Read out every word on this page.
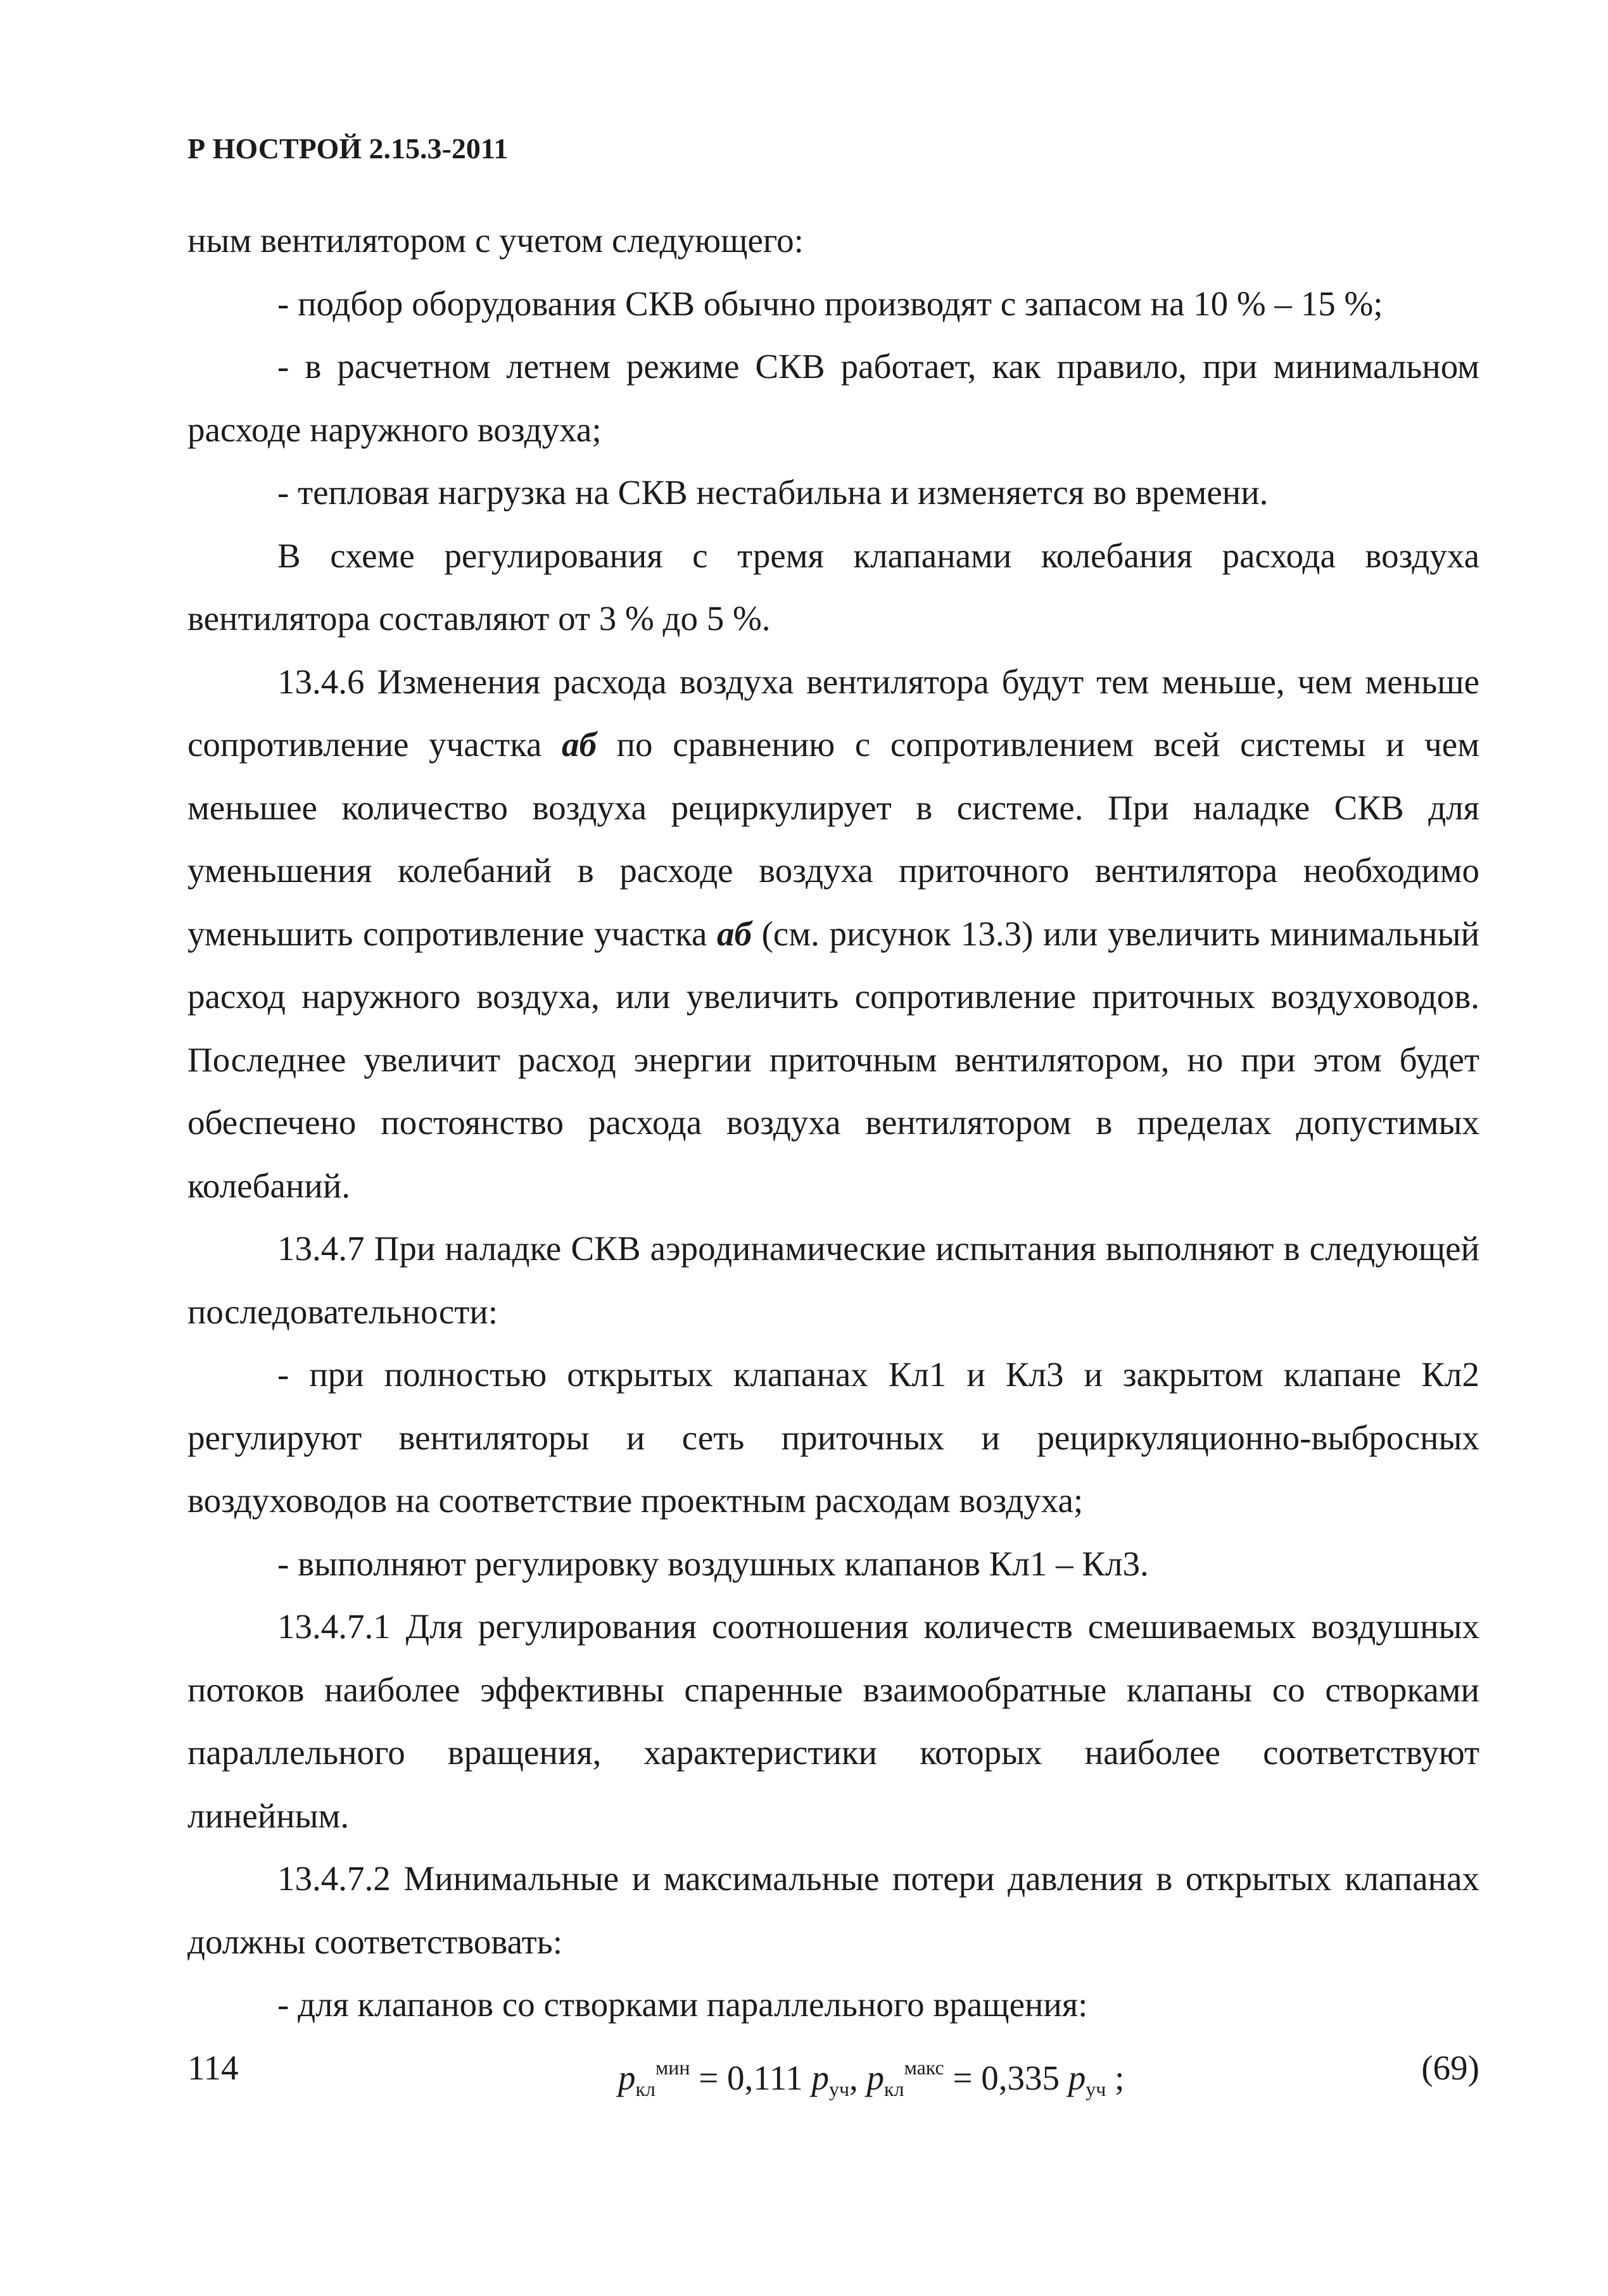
Р НОСТРОЙ 2.15.3-2011

ным вентилятором с учетом следующего:

- подбор оборудования СКВ обычно производят с запасом на 10 % – 15 %;

- в расчетном летнем режиме СКВ работает, как правило, при минимальном расходе наружного воздуха;

- тепловая нагрузка на СКВ нестабильна и изменяется во времени.

В схеме регулирования с тремя клапанами колебания расхода воздуха вентилятора составляют от 3 % до 5 %.

13.4.6 Изменения расхода воздуха вентилятора будут тем меньше, чем меньше сопротивление участка аб по сравнению с сопротивлением всей системы и чем меньшее количество воздуха рециркулирует в системе. При наладке СКВ для уменьшения колебаний в расходе воздуха приточного вентилятора необходимо уменьшить сопротивление участка аб (см. рисунок 13.3) или увеличить минимальный расход наружного воздуха, или увеличить сопротивление приточных воздуховодов. Последнее увеличит расход энергии приточным вентилятором, но при этом будет обеспечено постоянство расхода воздуха вентилятором в пределах допустимых колебаний.

13.4.7 При наладке СКВ аэродинамические испытания выполняют в следующей последовательности:

- при полностью открытых клапанах Кл1 и Кл3 и закрытом клапане Кл2 регулируют вентиляторы и сеть приточных и рециркуляционно-выбросных воздуховодов на соответствие проектным расходам воздуха;

- выполняют регулировку воздушных клапанов Кл1 – Кл3.

13.4.7.1 Для регулирования соотношения количеств смешиваемых воздушных потоков наиболее эффективны спаренные взаимообратные клапаны со створками параллельного вращения, характеристики которых наиболее соответствуют линейным.

13.4.7.2 Минимальные и максимальные потери давления в открытых клапанах должны соответствовать:

- для клапанов со створками параллельного вращения:

$p_{кл}^{мин} = 0,111$ $p_{уч}$, $p_{кл}^{макс} = 0,335$ $p_{уч}$ ;	(69)
114
